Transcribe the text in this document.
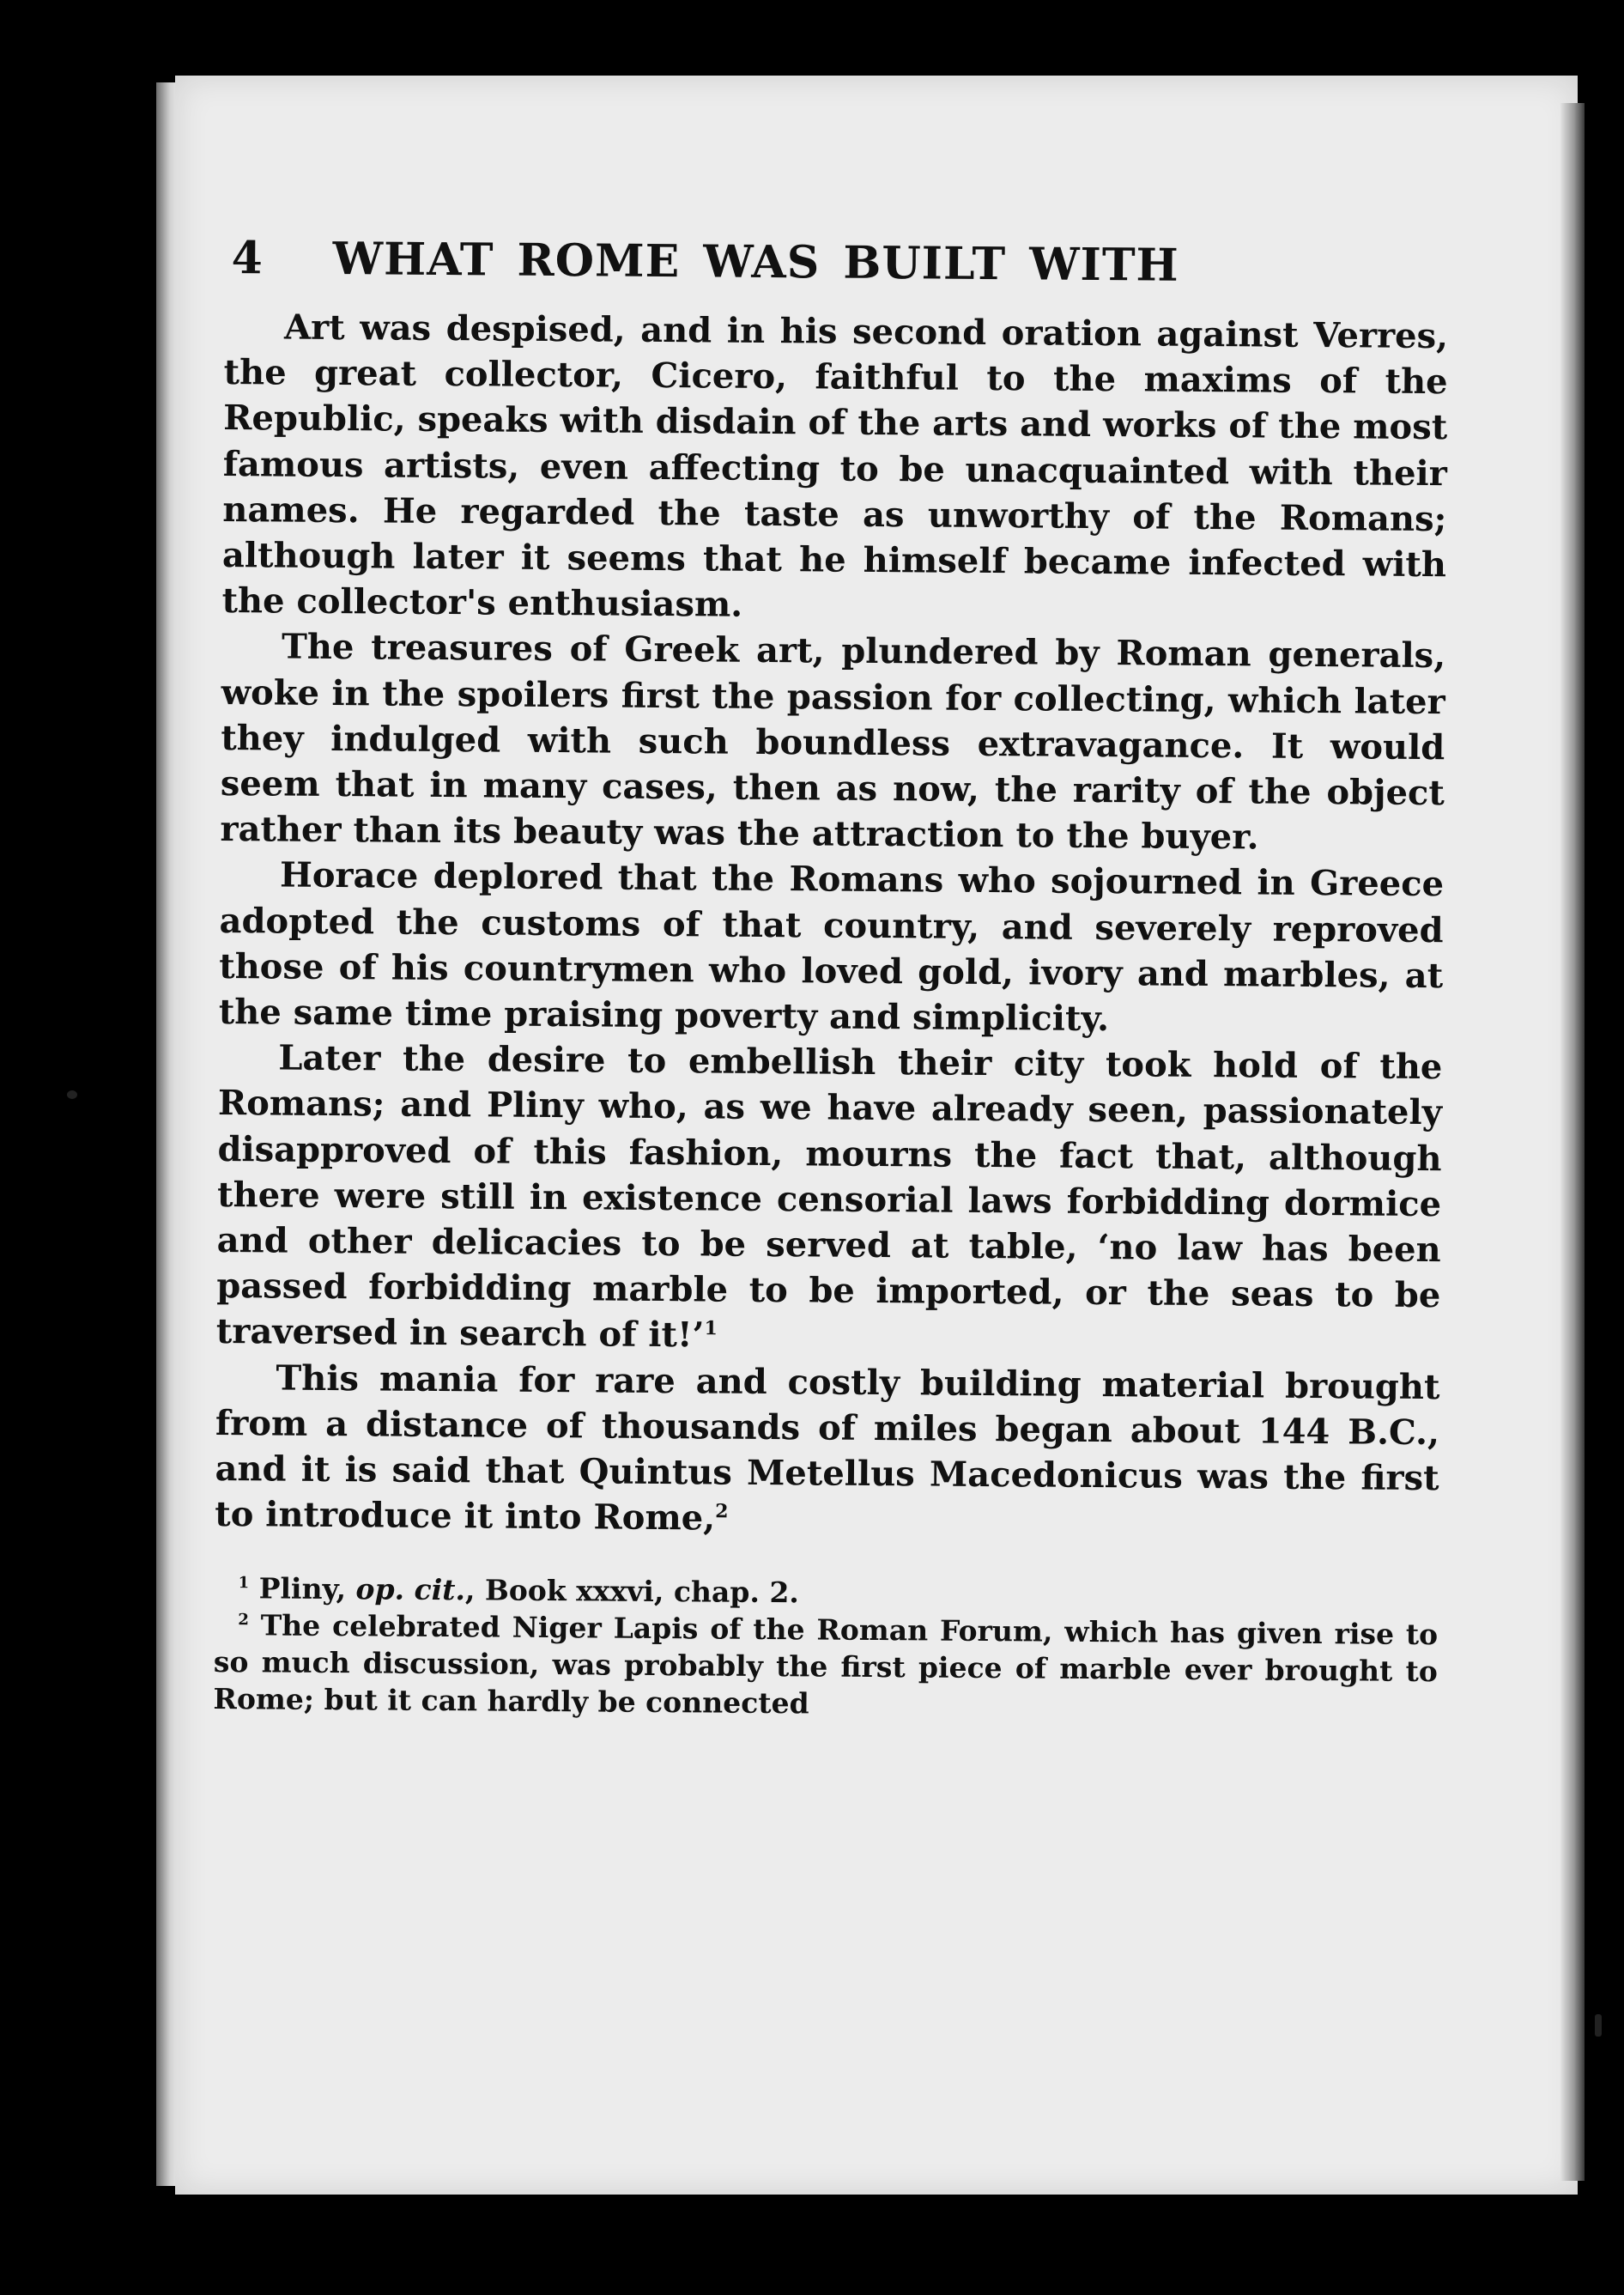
4 WHAT ROME WAS BUILT WITH

Art was despised, and in his second oration against Verres, the great collector, Cicero, faithful to the maxims of the Republic, speaks with disdain of the arts and works of the most famous artists, even affecting to be unacquainted with their names. He regarded the taste as unworthy of the Romans; although later it seems that he himself became infected with the collector's enthusiasm.

The treasures of Greek art, plundered by Roman generals, woke in the spoilers first the passion for collecting, which later they indulged with such boundless extravagance. It would seem that in many cases, then as now, the rarity of the object rather than its beauty was the attraction to the buyer.

Horace deplored that the Romans who sojourned in Greece adopted the customs of that country, and severely reproved those of his countrymen who loved gold, ivory and marbles, at the same time praising poverty and simplicity.

Later the desire to embellish their city took hold of the Romans; and Pliny who, as we have already seen, passionately disapproved of this fashion, mourns the fact that, although there were still in existence censorial laws forbidding dormice and other delicacies to be served at table, ‘no law has been passed forbidding marble to be imported, or the seas to be traversed in search of it!’$^1$

This mania for rare and costly building material brought from a distance of thousands of miles began about 144 B.C., and it is said that Quintus Metellus Macedonicus was the first to introduce it into Rome,$^2$

$^1$ Pliny, op. cit., Book xxxvi, chap. 2.

$^2$ The celebrated Niger Lapis of the Roman Forum, which has given rise to so much discussion, was probably the first piece of marble ever brought to Rome; but it can hardly be connected
